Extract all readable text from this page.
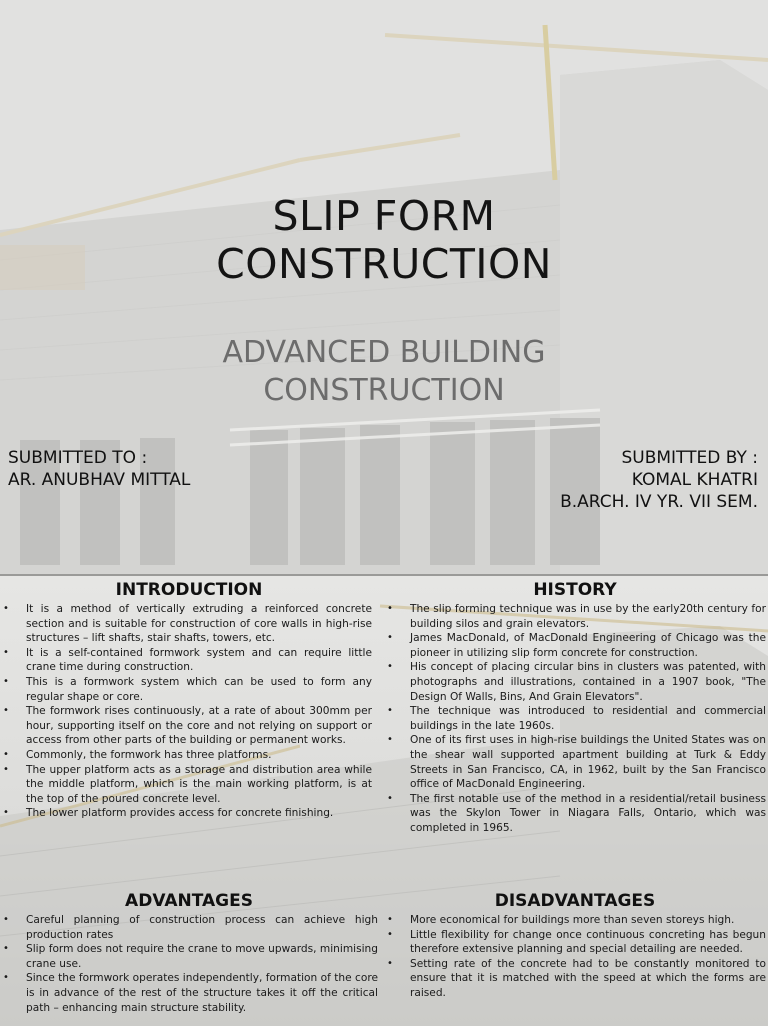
SLIP FORM
CONSTRUCTION
ADVANCED BUILDING
CONSTRUCTION
SUBMITTED TO :
AR. ANUBHAV MITTAL
SUBMITTED BY :
KOMAL KHATRI
B.ARCH. IV YR. VII SEM.
INTRODUCTION
• It is a method of vertically extruding a reinforced concrete section and is suitable for construction of core walls in high-rise structures – lift shafts, stair shafts, towers, etc.
• It is a self-contained formwork system and can require little crane time during construction.
• This is a formwork system which can be used to form any regular shape or core.
• The formwork rises continuously, at a rate of about 300mm per hour, supporting itself on the core and not relying on support or access from other parts of the building or permanent works.
• Commonly, the formwork has three platforms.
• The upper platform acts as a storage and distribution area while the middle platform, which is the main working platform, is at the top of the poured concrete level.
• The lower platform provides access for concrete finishing.
HISTORY
• The slip forming technique was in use by the early20th century for building silos and grain elevators.
• James MacDonald, of MacDonald Engineering of Chicago was the pioneer in utilizing slip form concrete for construction.
• His concept of placing circular bins in clusters was patented, with photographs and illustrations, contained in a 1907 book, "The Design Of Walls, Bins, And Grain Elevators".
• The technique was introduced to residential and commercial buildings in the late 1960s.
• One of its first uses in high-rise buildings the United States was on the shear wall supported apartment building at Turk & Eddy Streets in San Francisco, CA, in 1962, built by the San Francisco office of MacDonald Engineering.
• The first notable use of the method in a residential/retail business was the Skylon Tower in Niagara Falls, Ontario, which was completed in 1965.
ADVANTAGES
• Careful planning of construction process can achieve high production rates
• Slip form does not require the crane to move upwards, minimising crane use.
• Since the formwork operates independently, formation of the core is in advance of the rest of the structure takes it off the critical path – enhancing main structure stability.
DISADVANTAGES
• More economical for buildings more than seven storeys high.
• Little flexibility for change once continuous concreting has begun therefore extensive planning and special detailing are needed.
• Setting rate of the concrete had to be constantly monitored to ensure that it is matched with the speed at which the forms are raised.
